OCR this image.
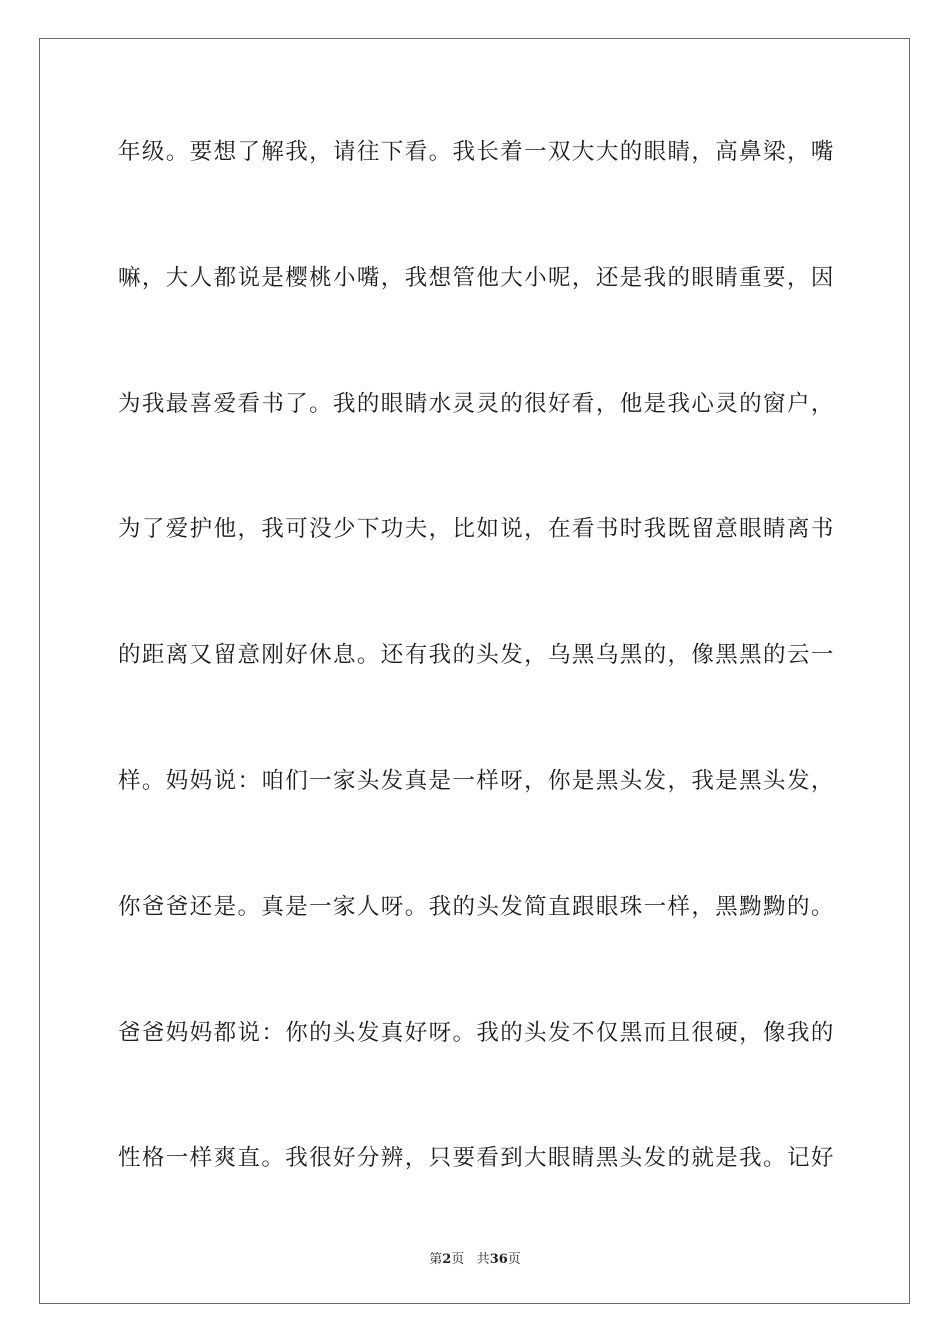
年 级 。 要 想 了 解 我 ， 请 往 下 看 。 我 长 着 一 双 大 大 的 眼 睛 ， 高 鼻 梁 ， 嘴
嘛 ， 大 人 都 说 是 樱 桃 小 嘴 ， 我 想 管 他 大 小 呢 ， 还 是 我 的 眼 睛 重 要 ， 因
为 我 最 喜 爱 看 书 了 。 我 的 眼 睛 水 灵 灵 的 很 好 看 ， 他 是 我 心 灵 的 窗 户 ，
为 了 爱 护 他 ， 我 可 没 少 下 功 夫 ， 比 如 说 ， 在 看 书 时 我 既 留 意 眼 睛 离 书
的 距 离 又 留 意 刚 好 休 息 。 还 有 我 的 头 发 ， 乌 黑 乌 黑 的 ， 像 黑 黑 的 云 一
样 。 妈 妈 说 ： 咱 们 一 家 头 发 真 是 一 样 呀 ， 你 是 黑 头 发 ， 我 是 黑 头 发 ，
你 爸 爸 还 是 。 真 是 一 家 人 呀 。 我 的 头 发 简 直 跟 眼 珠 一 样 ， 黑 黝 黝 的 。
爸 爸 妈 妈 都 说 ： 你 的 头 发 真 好 呀 。 我 的 头 发 不 仅 黑 而 且 很 硬 ， 像 我 的
性 格 一 样 爽 直 。 我 很 好 分 辨 ， 只 要 看 到 大 眼 睛 黑 头 发 的 就 是 我 。 记 好
第2页 共36页
